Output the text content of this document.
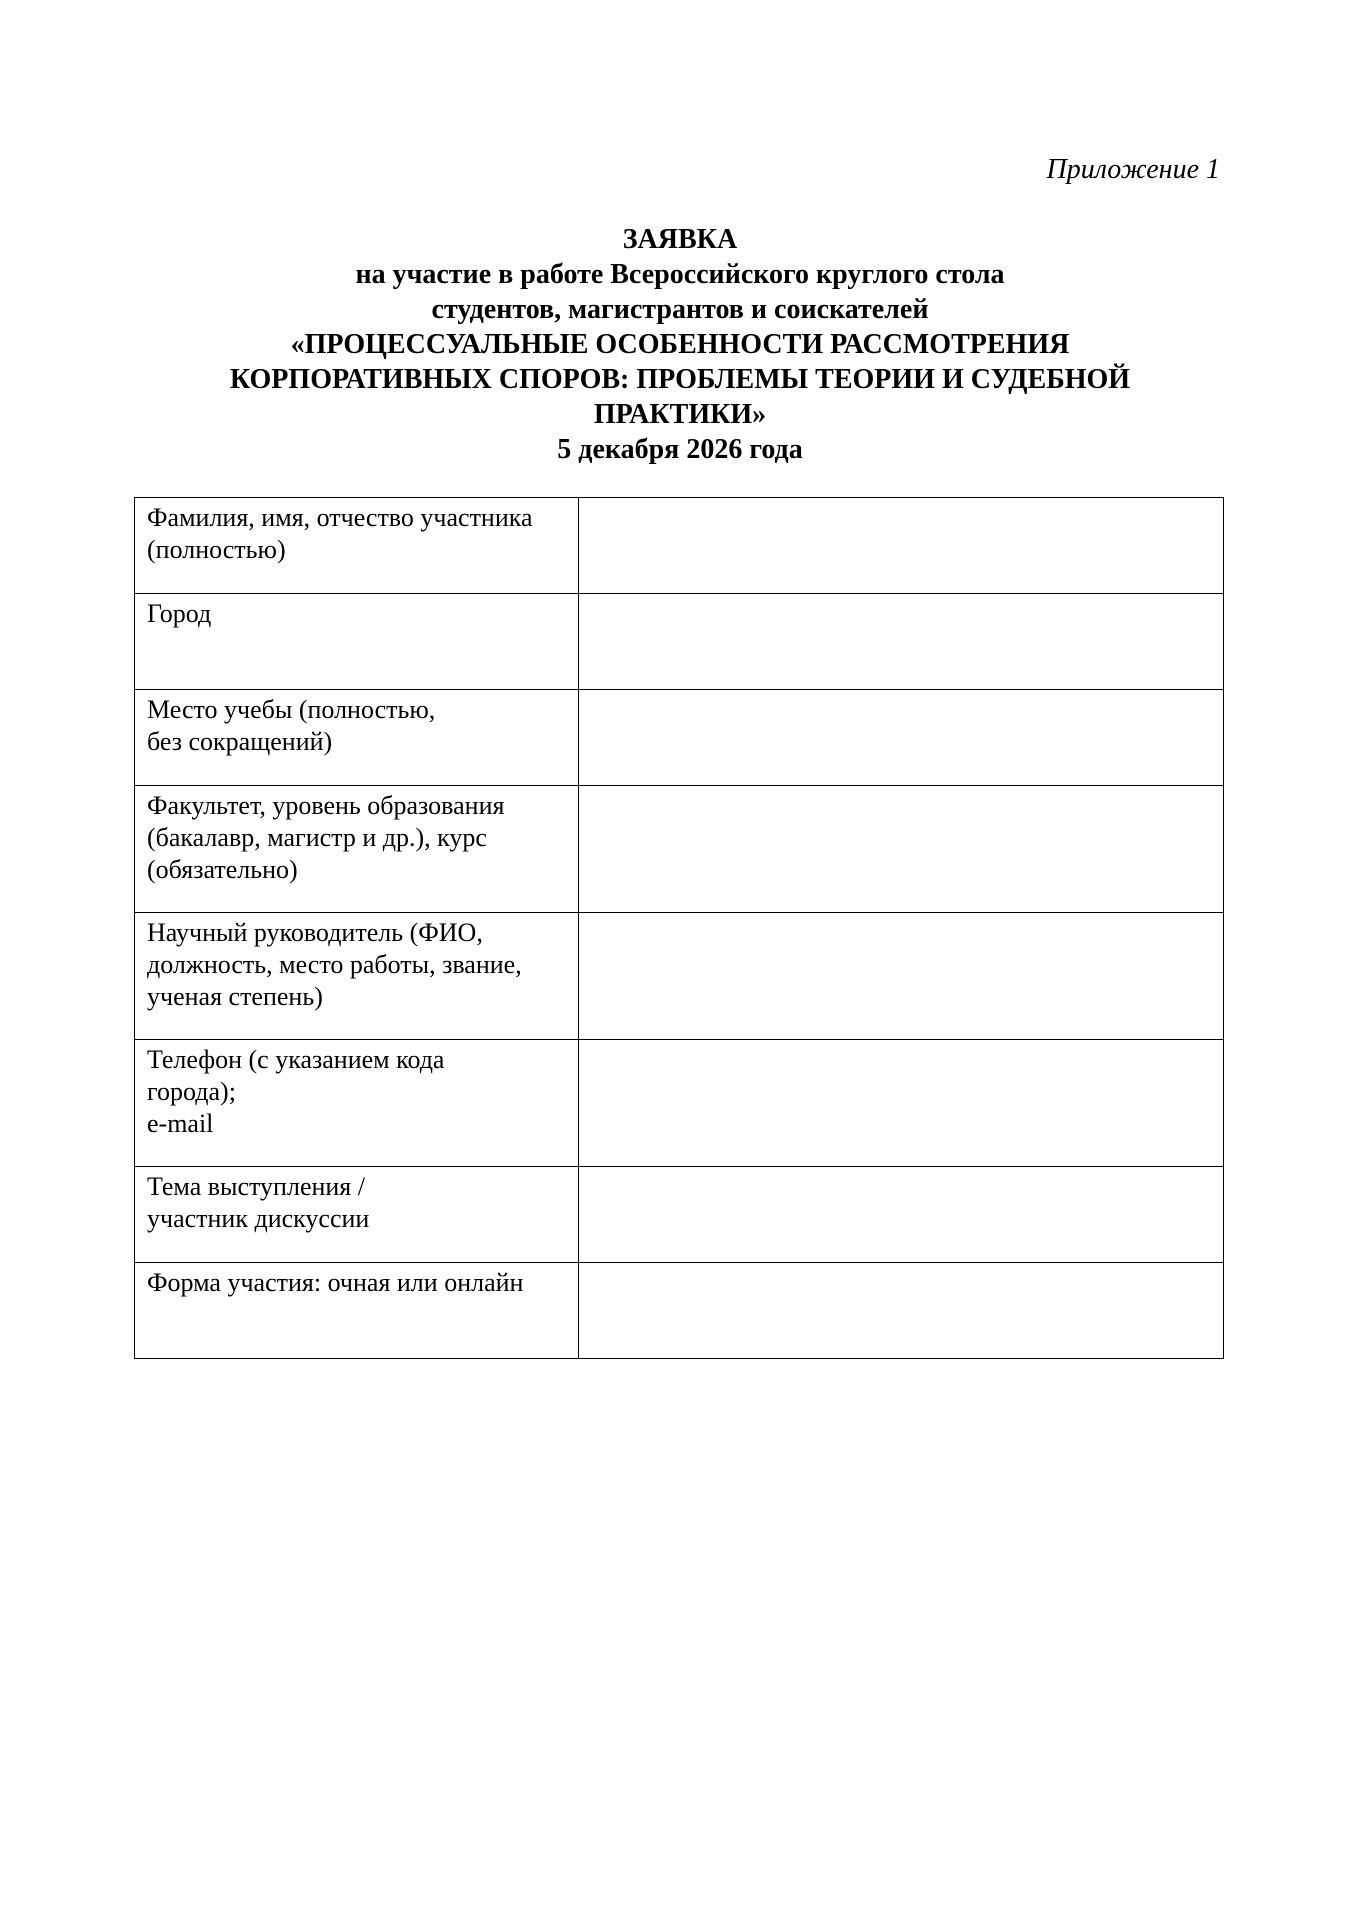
Приложение 1
ЗАЯВКА
на участие в работе Всероссийского круглого стола
студентов, магистрантов и соискателей
«ПРОЦЕССУАЛЬНЫЕ ОСОБЕННОСТИ РАССМОТРЕНИЯ
КОРПОРАТИВНЫХ СПОРОВ: ПРОБЛЕМЫ ТЕОРИИ И СУДЕБНОЙ
ПРАКТИКИ»
5 декабря 2026 года
Фамилия, имя, отчество участника
(полностью)	

Город	

Место учебы (полностью,
без сокращений)	

Факультет, уровень образования
(бакалавр, магистр и др.), курс
(обязательно)	

Научный руководитель (ФИО,
должность, место работы, звание,
ученая степень)	

Телефон (с указанием кода
города);
e-mail	

Тема выступления /
участник дискуссии	

Форма участия: очная или онлайн	
